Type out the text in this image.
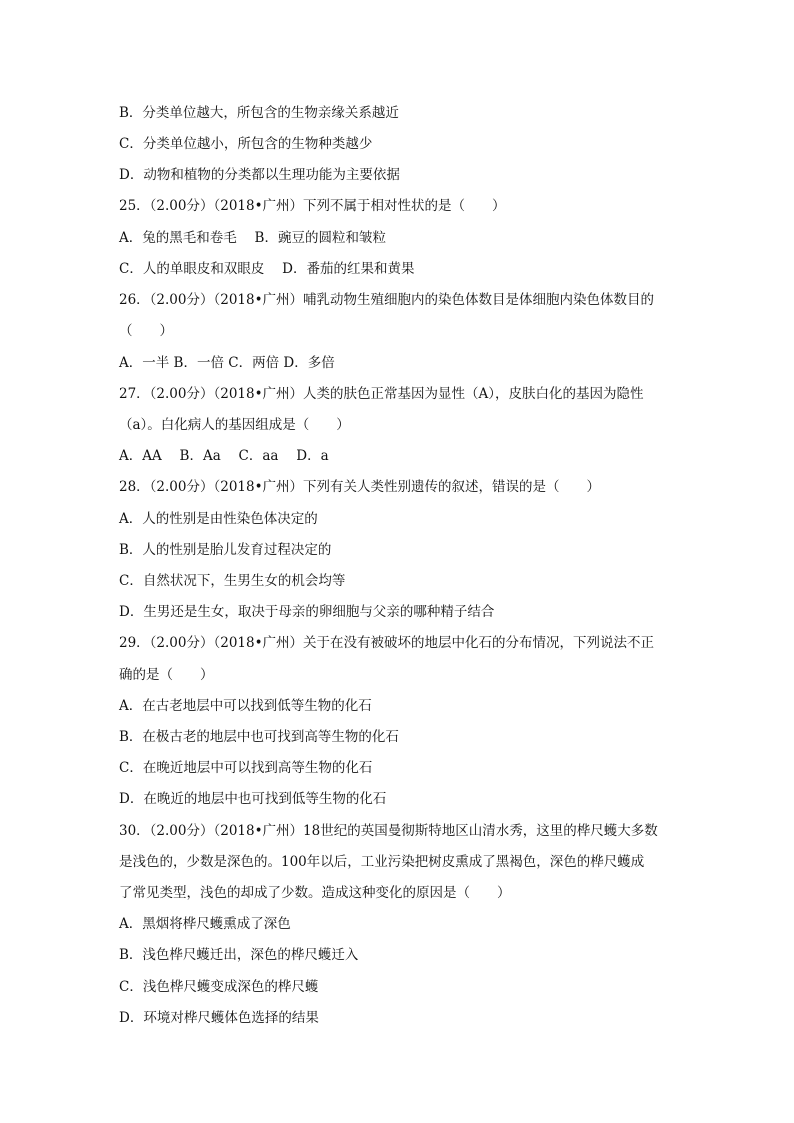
B．分类单位越大，所包含的生物亲缘关系越近
C．分类单位越小，所包含的生物种类越少
D．动物和植物的分类都以生理功能为主要依据
25．（2.00分）（2018•广州）下列不属于相对性状的是（　　）
A．兔的黑毛和卷毛　 B．豌豆的圆粒和皱粒
C．人的单眼皮和双眼皮　 D．番茄的红果和黄果
26．（2.00分）（2018•广州）哺乳动物生殖细胞内的染色体数目是体细胞内染色体数目的
（　　）
A．一半 B．一倍 C．两倍 D．多倍
27．（2.00分）（2018•广州）人类的肤色正常基因为显性（A），皮肤白化的基因为隐性
（a）。白化病人的基因组成是（　　）
A．AA　 B．Aa　 C．aa　 D．a
28．（2.00分）（2018•广州）下列有关人类性别遗传的叙述，错误的是（　　）
A．人的性别是由性染色体决定的
B．人的性别是胎儿发育过程决定的
C．自然状况下，生男生女的机会均等
D．生男还是生女，取决于母亲的卵细胞与父亲的哪种精子结合
29．（2.00分）（2018•广州）关于在没有被破坏的地层中化石的分布情况，下列说法不正
确的是（　　）
A．在古老地层中可以找到低等生物的化石
B．在极古老的地层中也可找到高等生物的化石
C．在晚近地层中可以找到高等生物的化石
D．在晚近的地层中也可找到低等生物的化石
30．（2.00分）（2018•广州）18世纪的英国曼彻斯特地区山清水秀，这里的桦尺蠖大多数
是浅色的，少数是深色的。100年以后，工业污染把树皮熏成了黑褐色，深色的桦尺蠖成
了常见类型，浅色的却成了少数。造成这种变化的原因是（　　）
A．黑烟将桦尺蠖熏成了深色
B．浅色桦尺蠖迁出，深色的桦尺蠖迁入
C．浅色桦尺蠖变成深色的桦尺蠖
D．环境对桦尺蠖体色选择的结果
